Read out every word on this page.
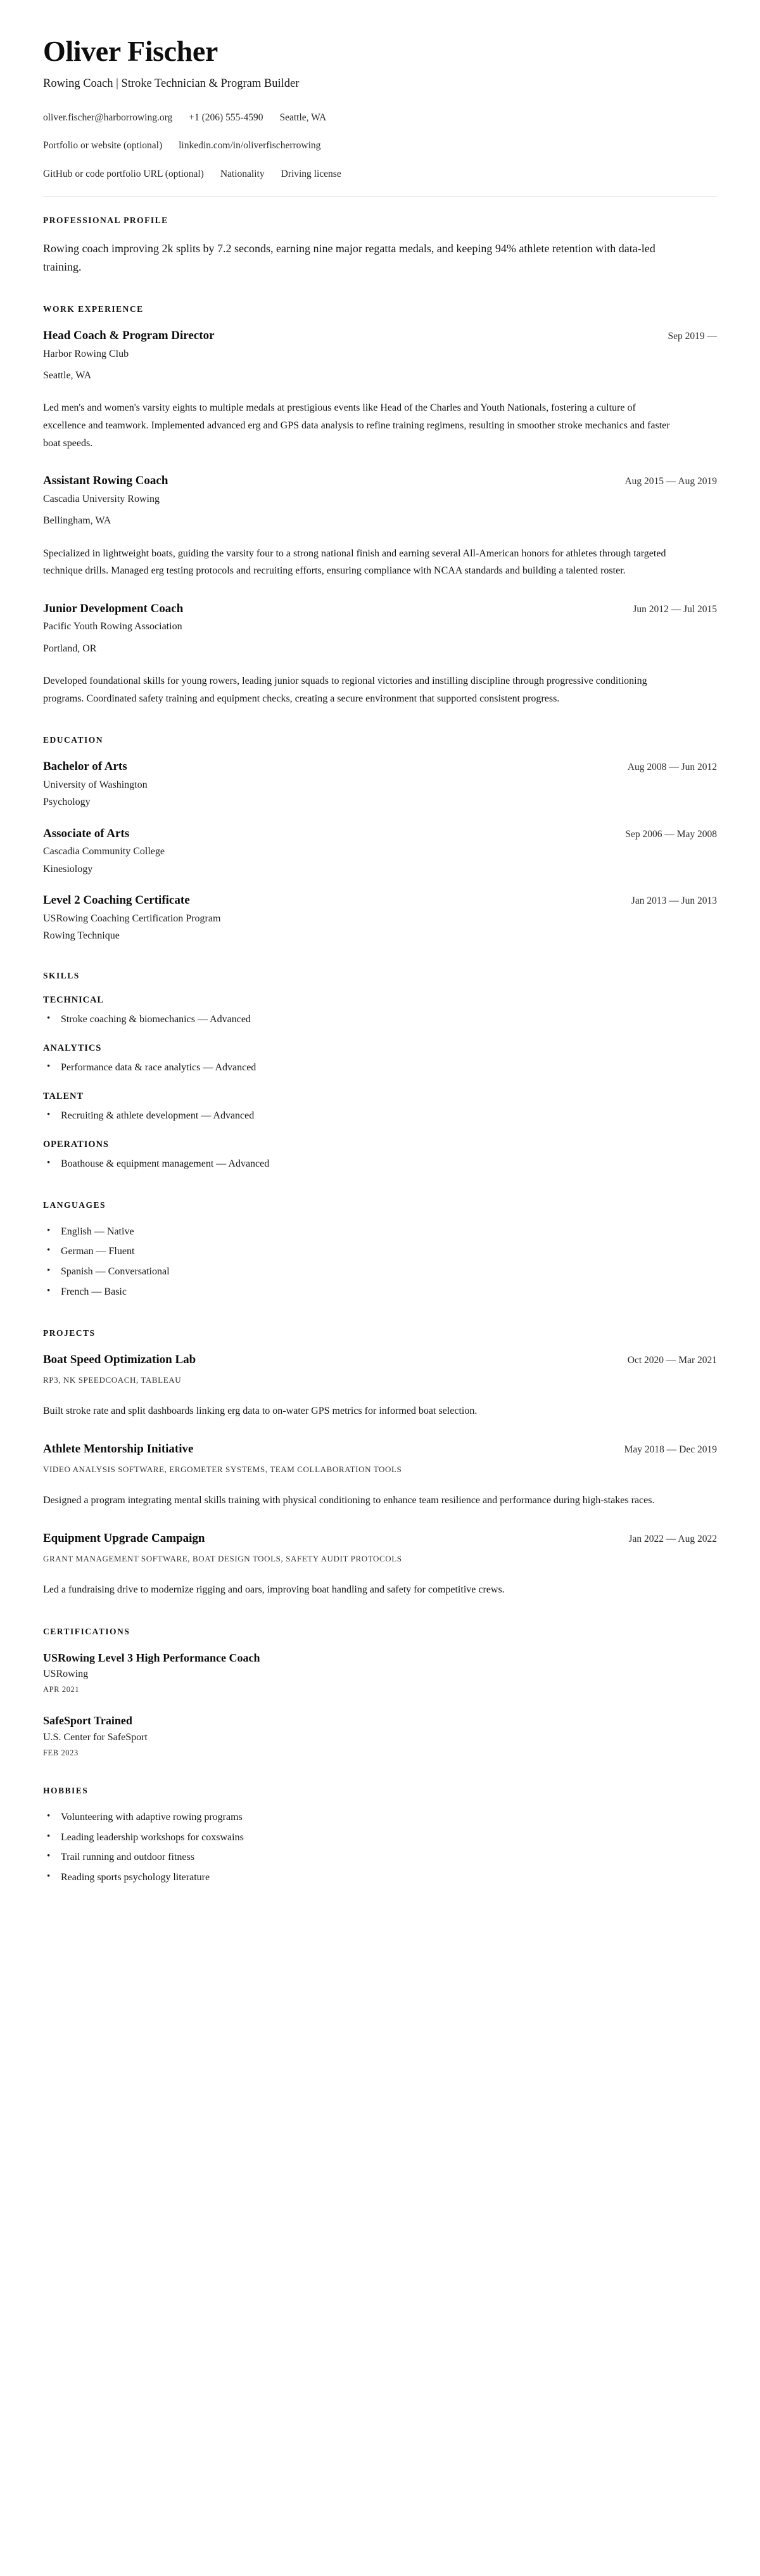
Oliver Fischer

Rowing Coach | Stroke Technician & Program Builder

oliver.fischer@harborrowing.org +1 (206) 555-4590 Seattle, WA
Portfolio or website (optional) linkedin.com/in/oliverfischerrowing
GitHub or code portfolio URL (optional) Nationality Driving license
PROFESSIONAL PROFILE

Rowing coach improving 2k splits by 7.2 seconds, earning nine major regatta medals, and keeping 94% athlete retention with data-led training.

WORK EXPERIENCE
Head Coach & Program Director	Sep 2019 —

Harbor Rowing Club

Seattle, WA

Led men's and women's varsity eights to multiple medals at prestigious events like Head of the Charles and Youth Nationals, fostering a culture of excellence and teamwork. Implemented advanced erg and GPS data analysis to refine training regimens, resulting in smoother stroke mechanics and faster boat speeds.

Assistant Rowing Coach	Aug 2015 — Aug 2019

Cascadia University Rowing

Bellingham, WA

Specialized in lightweight boats, guiding the varsity four to a strong national finish and earning several All-American honors for athletes through targeted technique drills. Managed erg testing protocols and recruiting efforts, ensuring compliance with NCAA standards and building a talented roster.

Junior Development Coach	Jun 2012 — Jul 2015

Pacific Youth Rowing Association

Portland, OR

Developed foundational skills for young rowers, leading junior squads to regional victories and instilling discipline through progressive conditioning programs. Coordinated safety training and equipment checks, creating a secure environment that supported consistent progress.

EDUCATION
Bachelor of Arts	Aug 2008 — Jun 2012

University of Washington

Psychology

Associate of Arts	Sep 2006 — May 2008

Cascadia Community College

Kinesiology

Level 2 Coaching Certificate	Jan 2013 — Jun 2013

USRowing Coaching Certification Program

Rowing Technique

SKILLS
TECHNICAL
• Stroke coaching & biomechanics — Advanced
ANALYTICS
• Performance data & race analytics — Advanced
TALENT
• Recruiting & athlete development — Advanced
OPERATIONS
• Boathouse & equipment management — Advanced
LANGUAGES
• English — Native
• German — Fluent
• Spanish — Conversational
• French — Basic
PROJECTS
Boat Speed Optimization Lab	Oct 2020 — Mar 2021

RP3, NK SPEEDCOACH, TABLEAU

Built stroke rate and split dashboards linking erg data to on-water GPS metrics for informed boat selection.

Athlete Mentorship Initiative	May 2018 — Dec 2019

VIDEO ANALYSIS SOFTWARE, ERGOMETER SYSTEMS, TEAM COLLABORATION TOOLS

Designed a program integrating mental skills training with physical conditioning to enhance team resilience and performance during high-stakes races.

Equipment Upgrade Campaign	Jan 2022 — Aug 2022

GRANT MANAGEMENT SOFTWARE, BOAT DESIGN TOOLS, SAFETY AUDIT PROTOCOLS

Led a fundraising drive to modernize rigging and oars, improving boat handling and safety for competitive crews.

CERTIFICATIONS
USRowing Level 3 High Performance Coach

USRowing

APR 2021

SafeSport Trained

U.S. Center for SafeSport

FEB 2023

HOBBIES
• Volunteering with adaptive rowing programs
• Leading leadership workshops for coxswains
• Trail running and outdoor fitness
• Reading sports psychology literature
